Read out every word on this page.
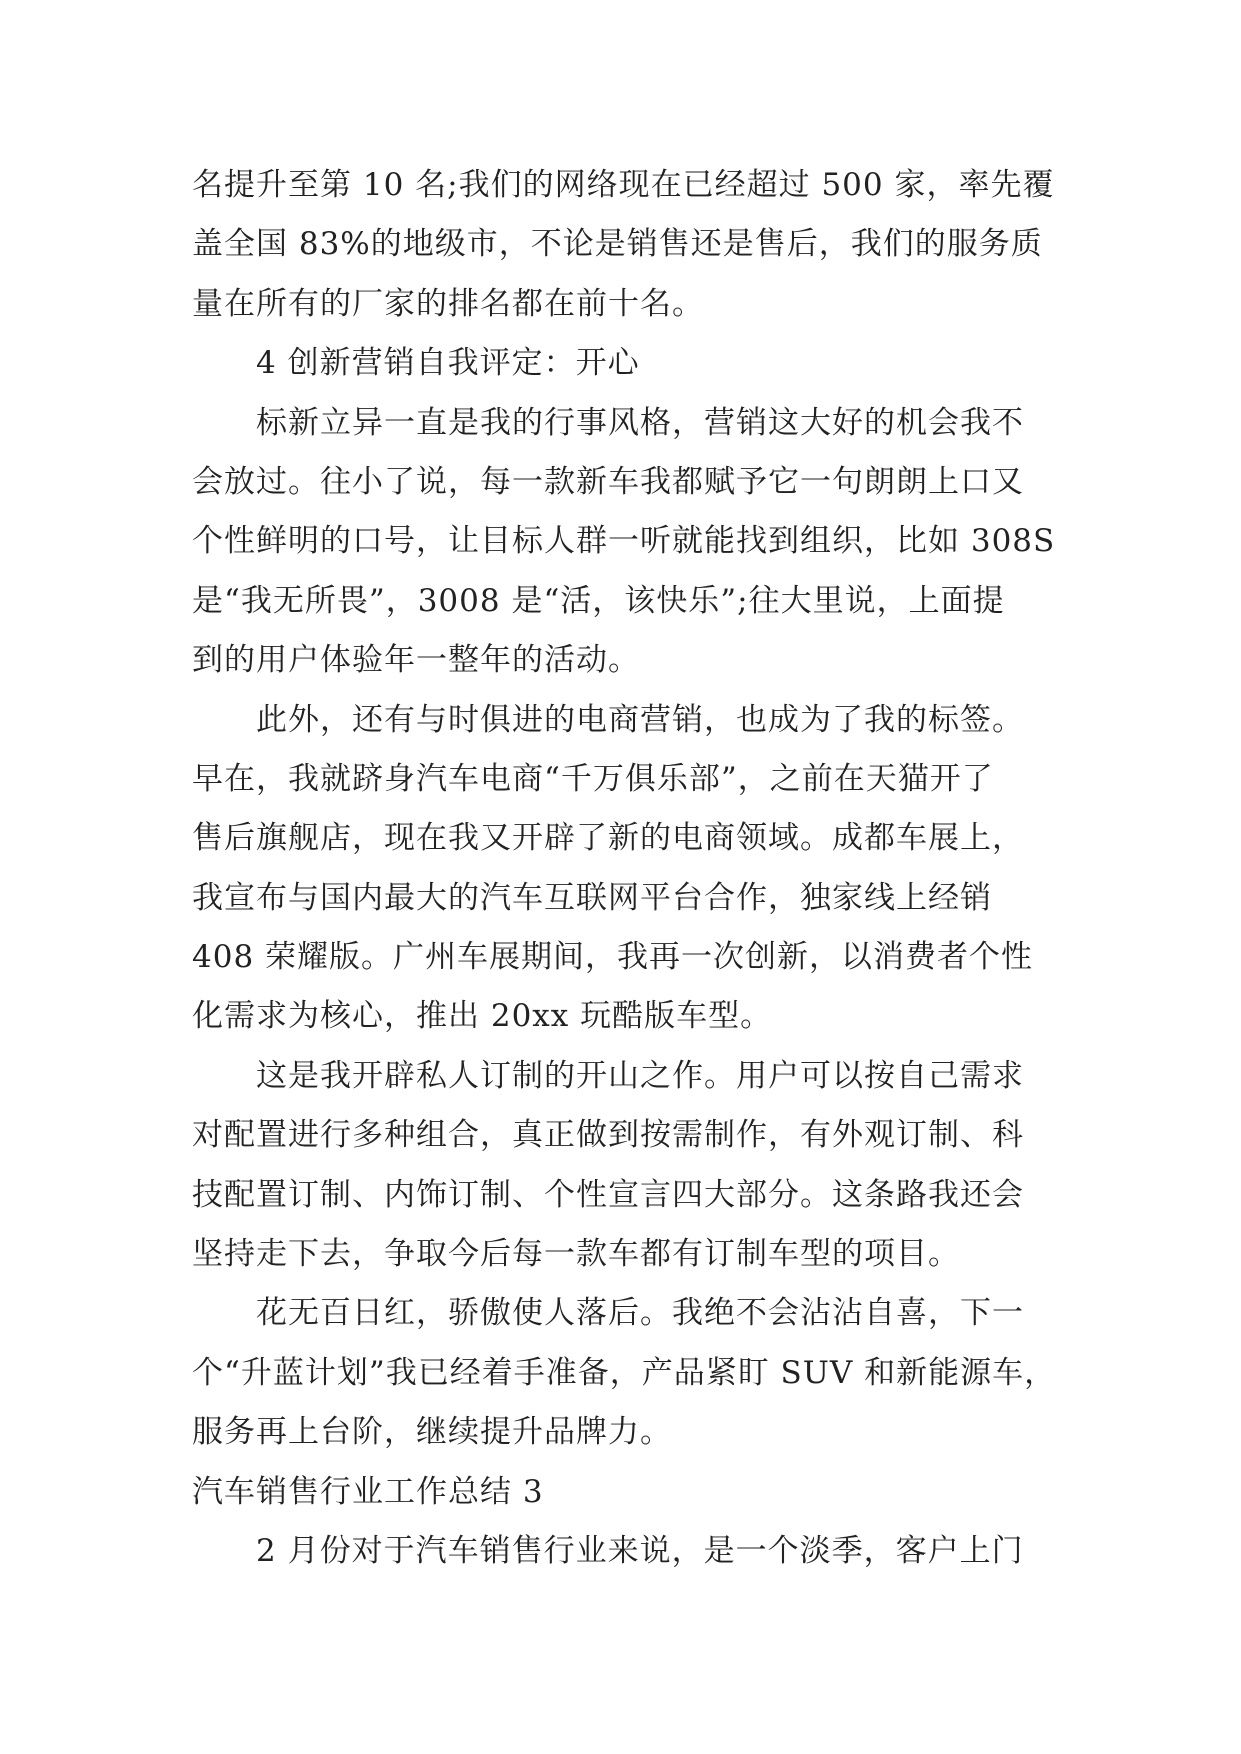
名提升至第 10 名;我们的网络现在已经超过 500 家，率先覆
盖全国 83%的地级市，不论是销售还是售后，我们的服务质
量在所有的厂家的排名都在前十名。
4 创新营销自我评定：开心
标新立异一直是我的行事风格，营销这大好的机会我不
会放过。往小了说，每一款新车我都赋予它一句朗朗上口又
个性鲜明的口号，让目标人群一听就能找到组织，比如 308S
是“我无所畏”，3008 是“活，该快乐”;往大里说，上面提
到的用户体验年一整年的活动。
此外，还有与时俱进的电商营销，也成为了我的标签。
早在，我就跻身汽车电商“千万俱乐部”，之前在天猫开了
售后旗舰店，现在我又开辟了新的电商领域。成都车展上，
我宣布与国内最大的汽车互联网平台合作，独家线上经销
408 荣耀版。广州车展期间，我再一次创新，以消费者个性
化需求为核心，推出 20xx 玩酷版车型。
这是我开辟私人订制的开山之作。用户可以按自己需求
对配置进行多种组合，真正做到按需制作，有外观订制、科
技配置订制、内饰订制、个性宣言四大部分。这条路我还会
坚持走下去，争取今后每一款车都有订制车型的项目。
花无百日红，骄傲使人落后。我绝不会沾沾自喜，下一
个“升蓝计划”我已经着手准备，产品紧盯 SUV 和新能源车，
服务再上台阶，继续提升品牌力。
汽车销售行业工作总结 3
2 月份对于汽车销售行业来说，是一个淡季，客户上门
